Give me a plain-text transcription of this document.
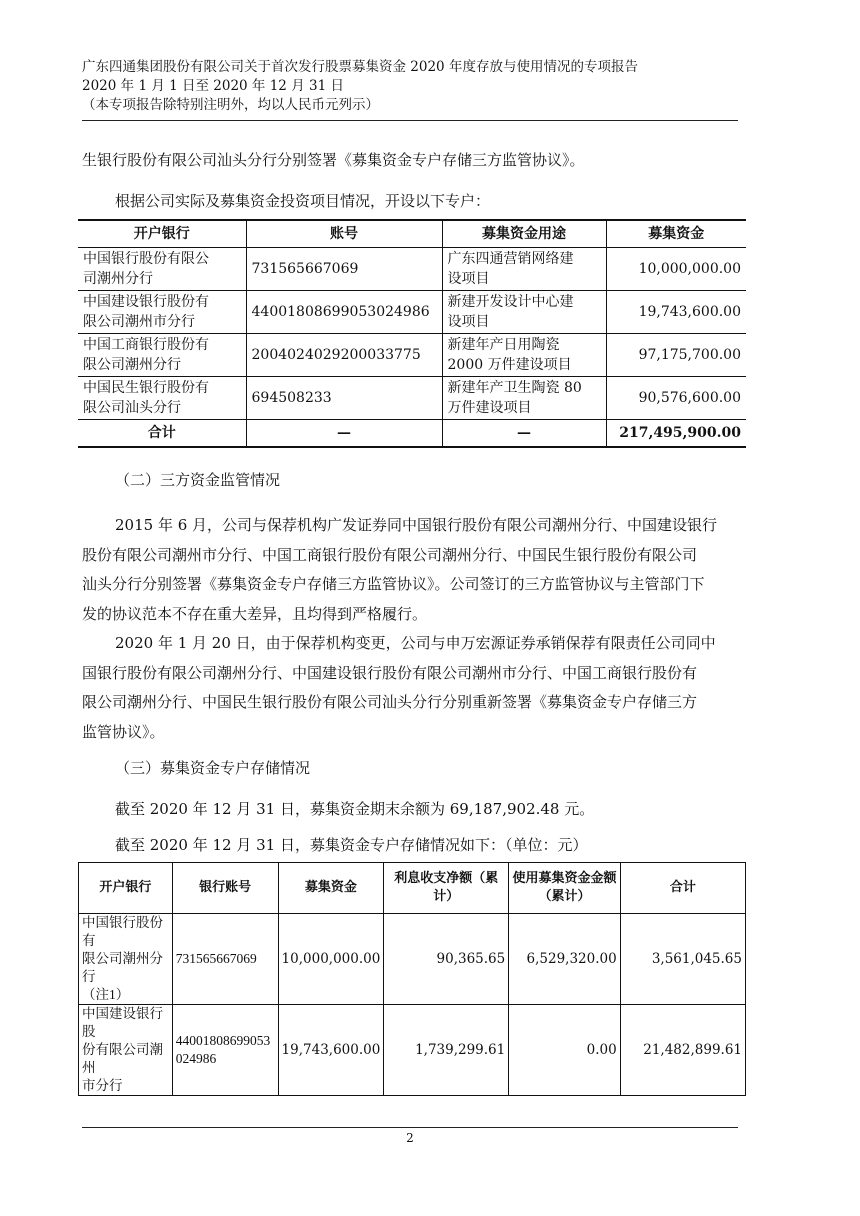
广东四通集团股份有限公司关于首次发行股票募集资金 2020 年度存放与使用情况的专项报告
2020 年 1 月 1 日至 2020 年 12 月 31 日
（本专项报告除特别注明外，均以人民币元列示）
生银行股份有限公司汕头分行分别签署《募集资金专户存储三方监管协议》。
根据公司实际及募集资金投资项目情况，开设以下专户：
开户银行	账号	募集资金用途	募集资金
中国银行股份有限公
司潮州分行	731565667069	广东四通营销网络建
设项目	10,000,000.00
中国建设银行股份有
限公司潮州市分行	44001808699053024986	新建开发设计中心建
设项目	19,743,600.00
中国工商银行股份有
限公司潮州分行	2004024029200033775	新建年产日用陶瓷
2000 万件建设项目	97,175,700.00
中国民生银行股份有
限公司汕头分行	694508233	新建年产卫生陶瓷 80
万件建设项目	90,576,600.00
合计	—	—	217,495,900.00
（二）三方资金监管情况
2015 年 6 月，公司与保荐机构广发证券同中国银行股份有限公司潮州分行、中国建设银行
股份有限公司潮州市分行、中国工商银行股份有限公司潮州分行、中国民生银行股份有限公司
汕头分行分别签署《募集资金专户存储三方监管协议》。公司签订的三方监管协议与主管部门下
发的协议范本不存在重大差异，且均得到严格履行。
2020 年 1 月 20 日，由于保荐机构变更，公司与申万宏源证券承销保荐有限责任公司同中
国银行股份有限公司潮州分行、中国建设银行股份有限公司潮州市分行、中国工商银行股份有
限公司潮州分行、中国民生银行股份有限公司汕头分行分别重新签署《募集资金专户存储三方
监管协议》。
（三）募集资金专户存储情况
截至 2020 年 12 月 31 日，募集资金期末余额为 69,187,902.48 元。
截至 2020 年 12 月 31 日，募集资金专户存储情况如下：（单位：元）
开户银行	银行账号	募集资金	利息收支净额（累计）	使用募集资金金额
（累计）	合计
中国银行股份有
限公司潮州分行
（注1）	731565667069	10,000,000.00	90,365.65	6,529,320.00	3,561,045.65
中国建设银行股
份有限公司潮州
市分行	44001808699053
024986	19,743,600.00	1,739,299.61	0.00	21,482,899.61
2
